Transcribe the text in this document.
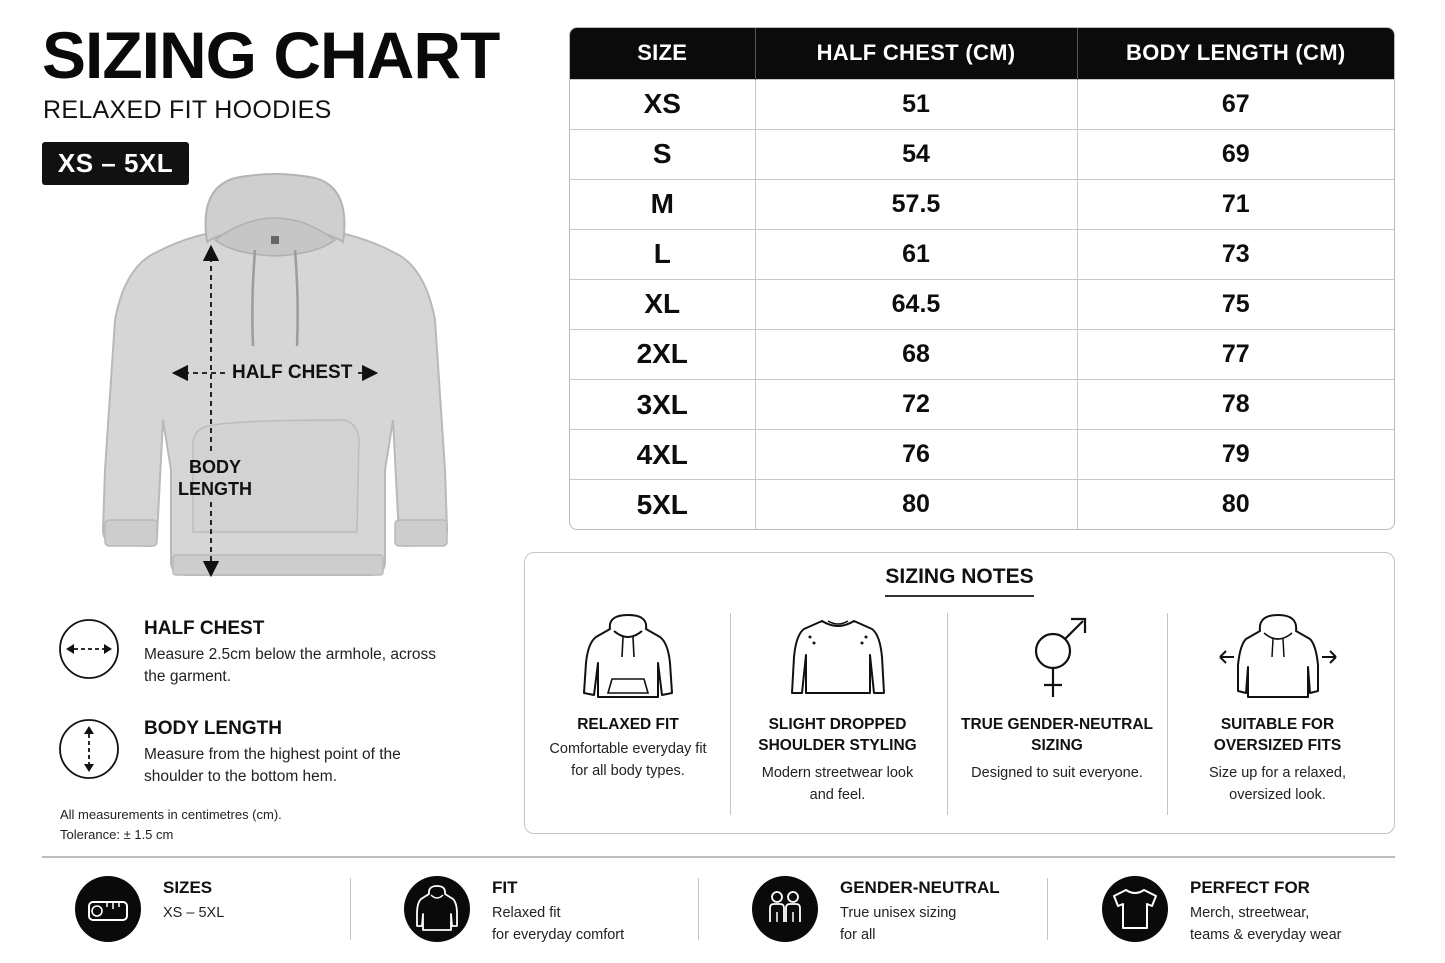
SIZING CHART
RELAXED FIT HOODIES
XS – 5XL
HALF CHEST
BODY
LENGTH
HALF CHEST
Measure 2.5cm below the armhole, across the garment.
BODY LENGTH
Measure from the highest point of the shoulder to the bottom hem.
All measurements in centimetres (cm).
Tolerance: ± 1.5 cm
SIZE	HALF CHEST (CM)	BODY LENGTH (CM)
XS	51	67
S	54	69
M	57.5	71
L	61	73
XL	64.5	75
2XL	68	77
3XL	72	78
4XL	76	79
5XL	80	80
SIZING NOTES
RELAXED FIT
Comfortable everyday fit for all body types.
SLIGHT DROPPED SHOULDER STYLING
Modern streetwear look and feel.
TRUE GENDER-NEUTRAL SIZING
Designed to suit everyone.
SUITABLE FOR OVERSIZED FITS
Size up for a relaxed, oversized look.
SIZES
XS – 5XL
FIT
Relaxed fit
for everyday comfort
GENDER-NEUTRAL
True unisex sizing
for all
PERFECT FOR
Merch, streetwear,
teams & everyday wear
